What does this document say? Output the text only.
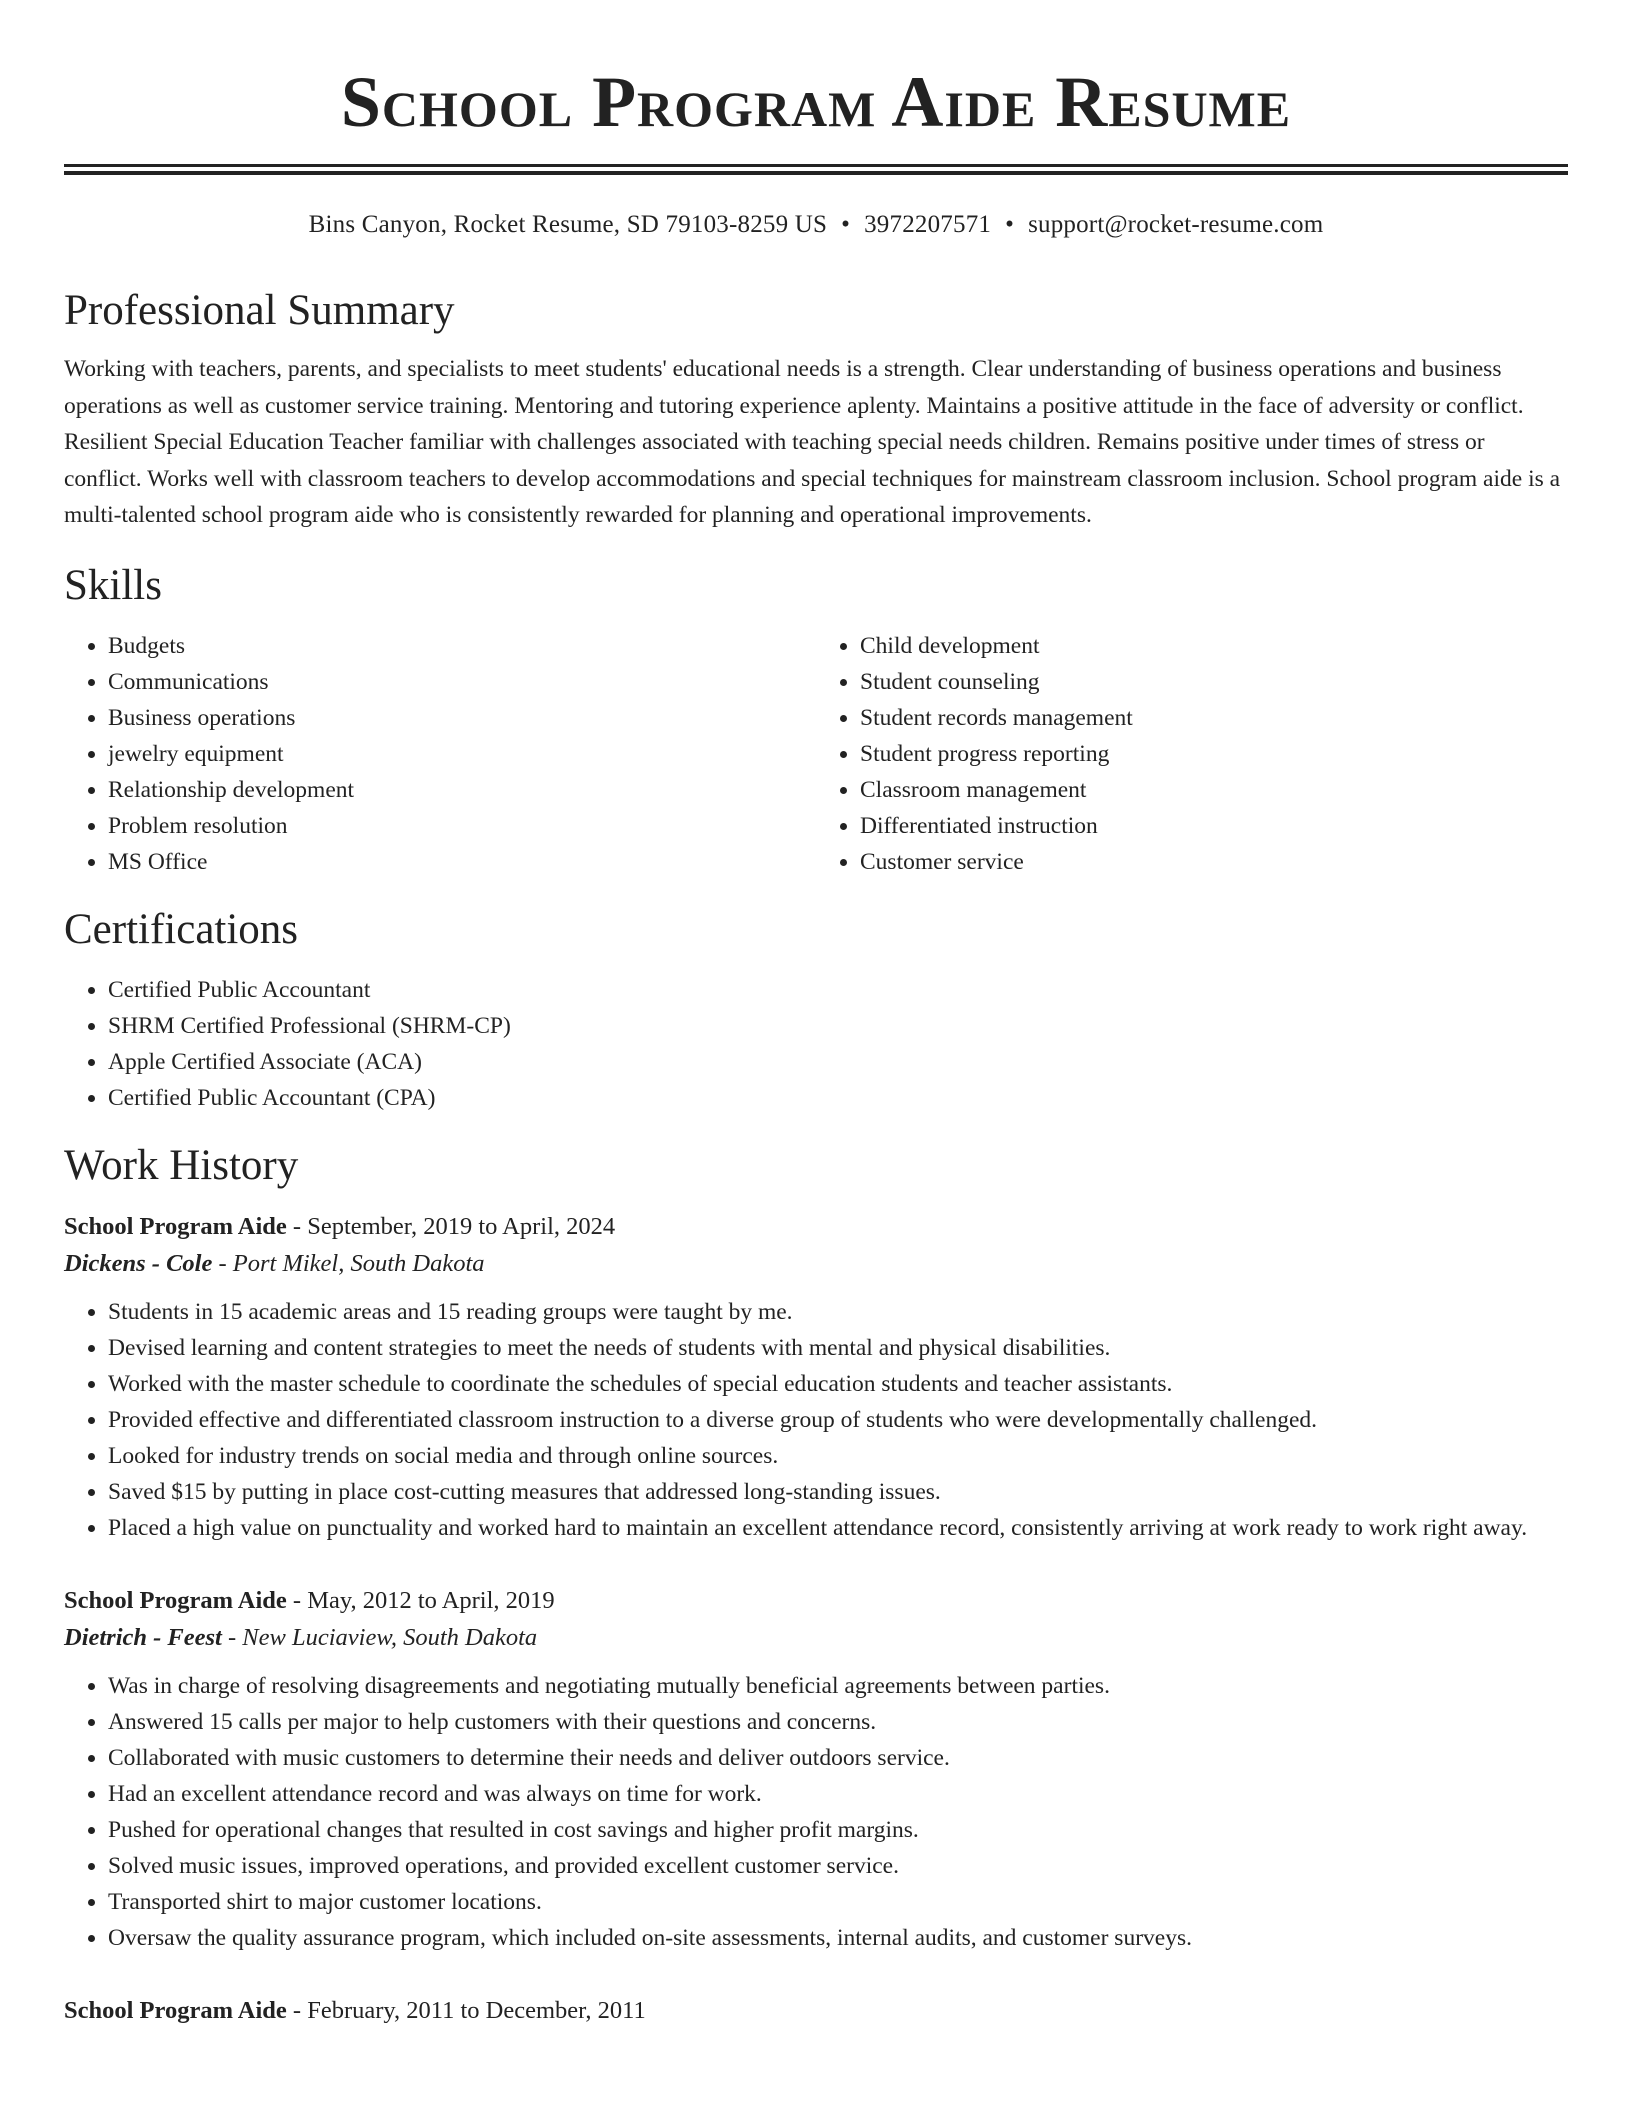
School Program Aide Resume
Bins Canyon, Rocket Resume, SD 79103-8259 US • 3972207571 • support@rocket-resume.com
Professional Summary

Working with teachers, parents, and specialists to meet students' educational needs is a strength. Clear understanding of business operations and business operations as well as customer service training. Mentoring and tutoring experience aplenty. Maintains a positive attitude in the face of adversity or conflict. Resilient Special Education Teacher familiar with challenges associated with teaching special needs children. Remains positive under times of stress or conflict. Works well with classroom teachers to develop accommodations and special techniques for mainstream classroom inclusion. School program aide is a multi-talented school program aide who is consistently rewarded for planning and operational improvements.

Skills
• Budgets
• Communications
• Business operations
• jewelry equipment
• Relationship development
• Problem resolution
• MS Office
• Child development
• Student counseling
• Student records management
• Student progress reporting
• Classroom management
• Differentiated instruction
• Customer service
Certifications
• Certified Public Accountant
• SHRM Certified Professional (SHRM-CP)
• Apple Certified Associate (ACA)
• Certified Public Accountant (CPA)
Work History
School Program Aide - September, 2019 to April, 2024
Dickens - Cole - Port Mikel, South Dakota
• Students in 15 academic areas and 15 reading groups were taught by me.
• Devised learning and content strategies to meet the needs of students with mental and physical disabilities.
• Worked with the master schedule to coordinate the schedules of special education students and teacher assistants.
• Provided effective and differentiated classroom instruction to a diverse group of students who were developmentally challenged.
• Looked for industry trends on social media and through online sources.
• Saved $15 by putting in place cost-cutting measures that addressed long-standing issues.
• Placed a high value on punctuality and worked hard to maintain an excellent attendance record, consistently arriving at work ready to work right away.
School Program Aide - May, 2012 to April, 2019
Dietrich - Feest - New Luciaview, South Dakota
• Was in charge of resolving disagreements and negotiating mutually beneficial agreements between parties.
• Answered 15 calls per major to help customers with their questions and concerns.
• Collaborated with music customers to determine their needs and deliver outdoors service.
• Had an excellent attendance record and was always on time for work.
• Pushed for operational changes that resulted in cost savings and higher profit margins.
• Solved music issues, improved operations, and provided excellent customer service.
• Transported shirt to major customer locations.
• Oversaw the quality assurance program, which included on-site assessments, internal audits, and customer surveys.
School Program Aide - February, 2011 to December, 2011
